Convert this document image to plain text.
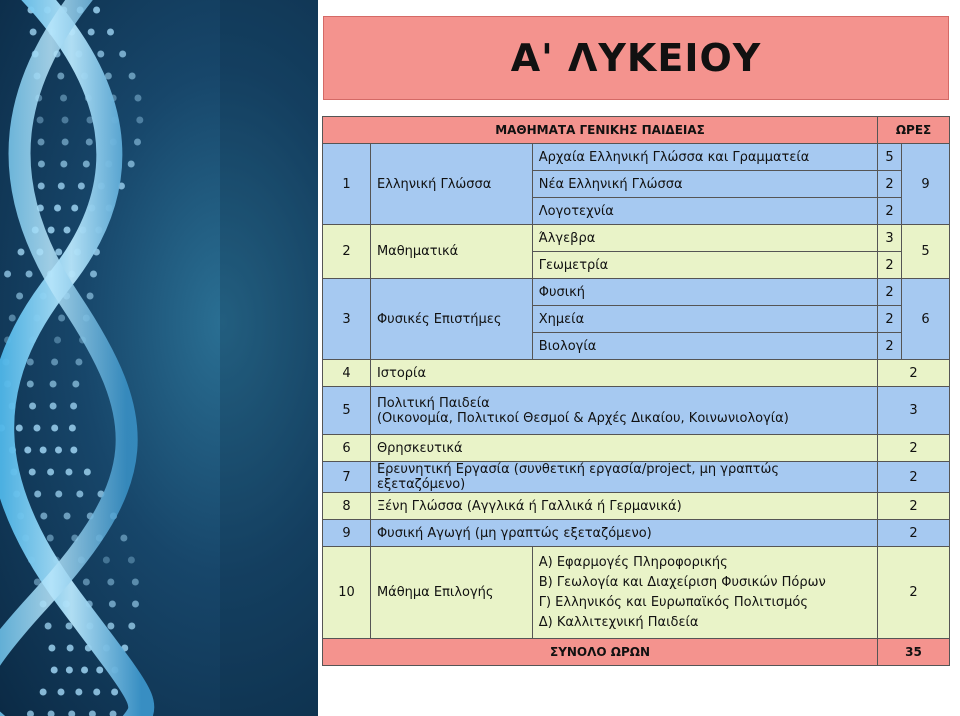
Α' ΛΥΚΕΙΟΥ
ΜΑΘΗΜΑΤΑ ΓΕΝΙΚΗΣ ΠΑΙΔΕΙΑΣ			ΩΡΕΣ	
1	Ελληνική Γλώσσα	Αρχαία Ελληνική Γλώσσα και Γραμματεία	5	9
		Νέα Ελληνική Γλώσσα	2	
		Λογοτεχνία	2	
2	Μαθηματικά	Άλγεβρα	3	5
		Γεωμετρία	2	
3	Φυσικές Επιστήμες	Φυσική	2	6
		Χημεία	2	
		Βιολογία	2	
4	Ιστορία		2	
5	Πολιτική Παιδεία
(Οικονομία, Πολιτικοί Θεσμοί & Αρχές Δικαίου, Κοινωνιολογία)		3	
6	Θρησκευτικά		2	
7	Ερευνητική Εργασία (συνθετική εργασία/project, μη γραπτώς εξεταζόμενο)		2	
8	Ξένη Γλώσσα (Αγγλικά ή Γαλλικά ή Γερμανικά)		2	
9	Φυσική Αγωγή (μη γραπτώς εξεταζόμενο)		2	
10	Μάθημα Επιλογής	Α) Εφαρμογές Πληροφορικής
Β) Γεωλογία και Διαχείριση Φυσικών Πόρων
Γ) Ελληνικός και Ευρωπαϊκός Πολιτισμός
Δ) Καλλιτεχνική Παιδεία	2	
ΣΥΝΟΛΟ ΩΡΩΝ			35	
